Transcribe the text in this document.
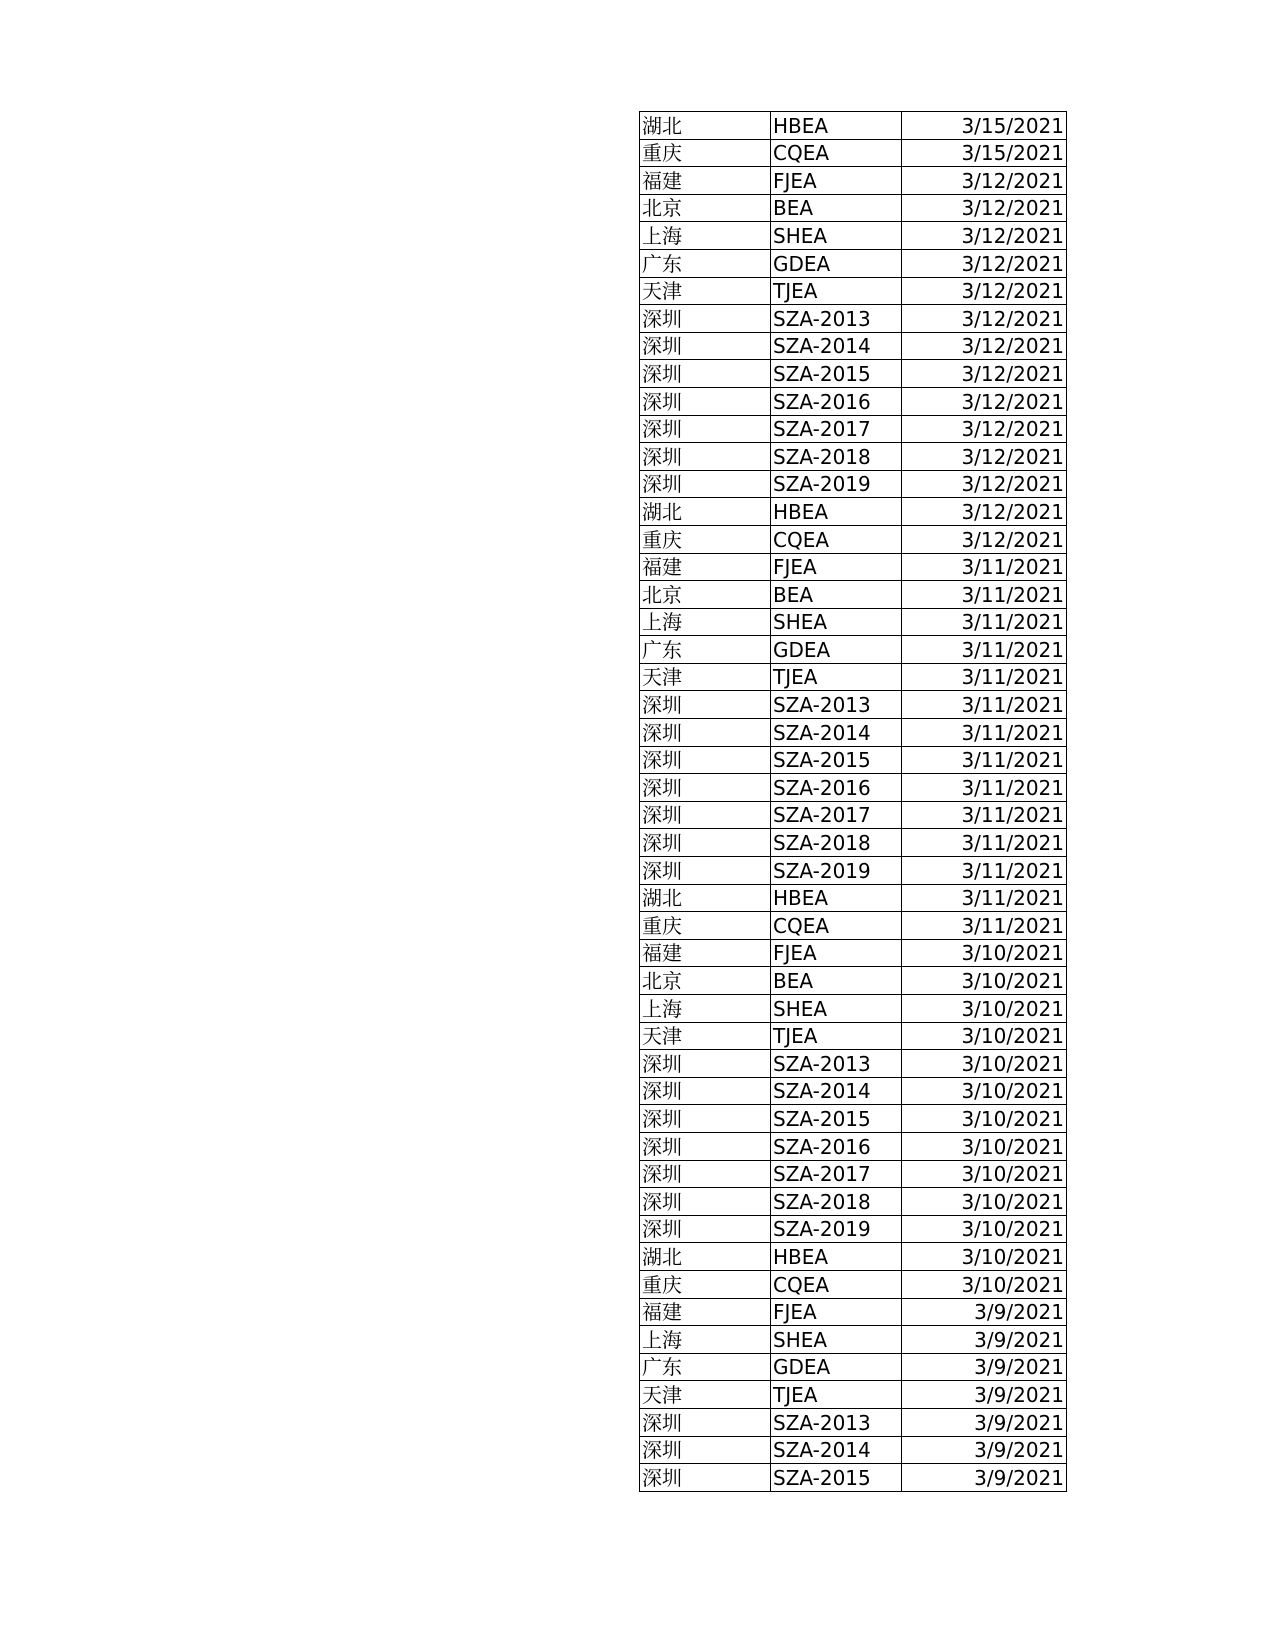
湖北	HBEA	3/15/2021
重庆	CQEA	3/15/2021
福建	FJEA	3/12/2021
北京	BEA	3/12/2021
上海	SHEA	3/12/2021
广东	GDEA	3/12/2021
天津	TJEA	3/12/2021
深圳	SZA-2013	3/12/2021
深圳	SZA-2014	3/12/2021
深圳	SZA-2015	3/12/2021
深圳	SZA-2016	3/12/2021
深圳	SZA-2017	3/12/2021
深圳	SZA-2018	3/12/2021
深圳	SZA-2019	3/12/2021
湖北	HBEA	3/12/2021
重庆	CQEA	3/12/2021
福建	FJEA	3/11/2021
北京	BEA	3/11/2021
上海	SHEA	3/11/2021
广东	GDEA	3/11/2021
天津	TJEA	3/11/2021
深圳	SZA-2013	3/11/2021
深圳	SZA-2014	3/11/2021
深圳	SZA-2015	3/11/2021
深圳	SZA-2016	3/11/2021
深圳	SZA-2017	3/11/2021
深圳	SZA-2018	3/11/2021
深圳	SZA-2019	3/11/2021
湖北	HBEA	3/11/2021
重庆	CQEA	3/11/2021
福建	FJEA	3/10/2021
北京	BEA	3/10/2021
上海	SHEA	3/10/2021
天津	TJEA	3/10/2021
深圳	SZA-2013	3/10/2021
深圳	SZA-2014	3/10/2021
深圳	SZA-2015	3/10/2021
深圳	SZA-2016	3/10/2021
深圳	SZA-2017	3/10/2021
深圳	SZA-2018	3/10/2021
深圳	SZA-2019	3/10/2021
湖北	HBEA	3/10/2021
重庆	CQEA	3/10/2021
福建	FJEA	3/9/2021
上海	SHEA	3/9/2021
广东	GDEA	3/9/2021
天津	TJEA	3/9/2021
深圳	SZA-2013	3/9/2021
深圳	SZA-2014	3/9/2021
深圳	SZA-2015	3/9/2021
